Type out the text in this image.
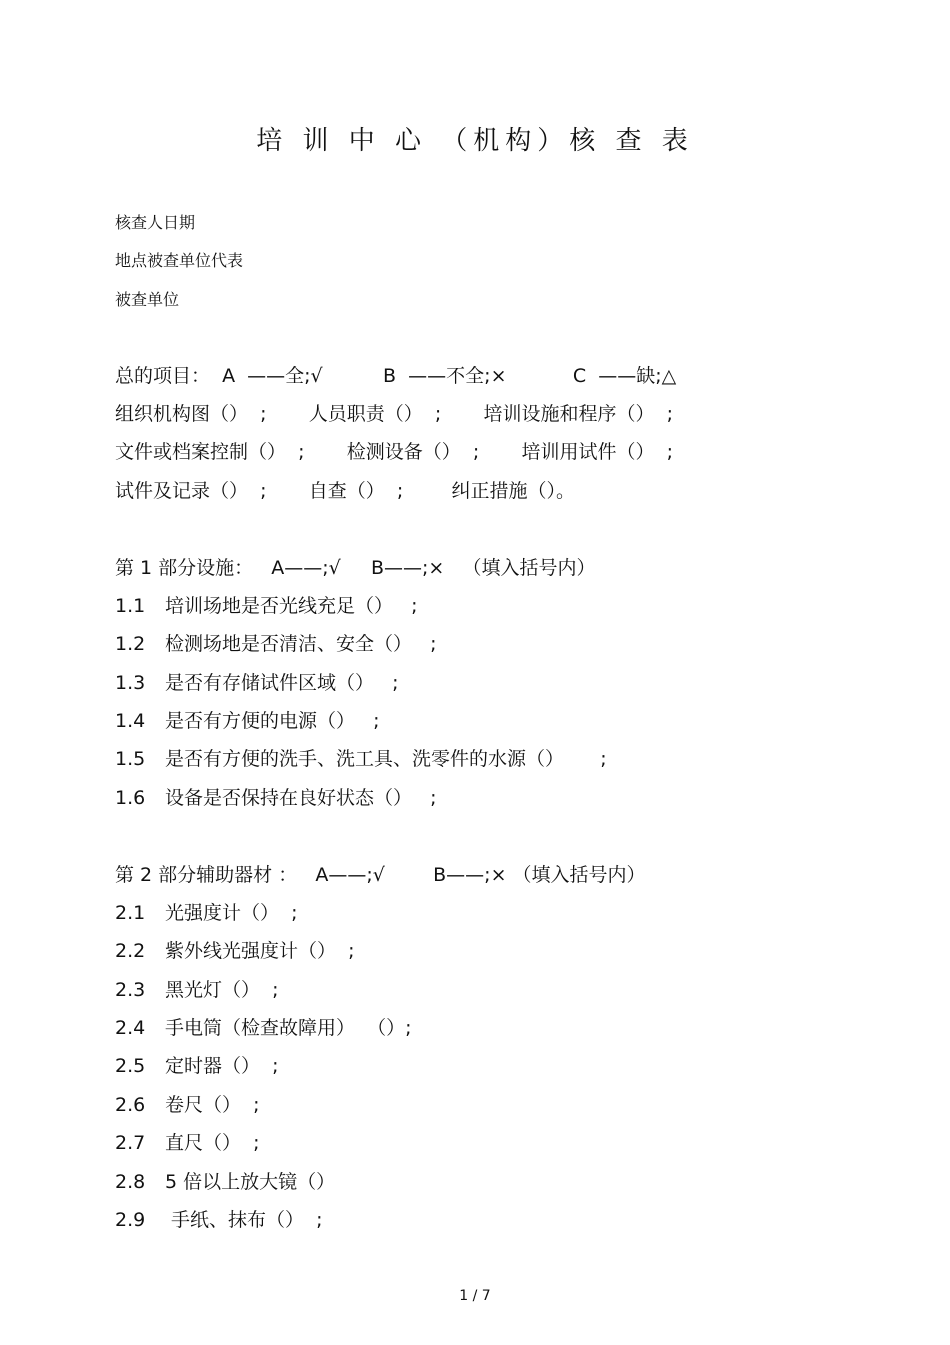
培 训 中 心 （机构）核 查 表
核查人日期
地点被查单位代表
被查单位
总的项目：  A  ——全;√          B  ——不全;×           C  ——缺;△
组织机构图（）  ;       人员职责（）  ;       培训设施和程序（）  ;
文件或档案控制（）  ;       检测设备（）  ;       培训用试件（）  ;
试件及记录（）  ;       自查（）  ;        纠正措施（）。
第 1 部分设施：   A——;√     B——;×   （填入括号内）
1.1 培训场地是否光线充足（）   ;
1.2 检测场地是否清洁、安全（）   ;
1.3 是否有存储试件区域（）   ;
1.4 是否有方便的电源（）   ;
1.5 是否有方便的洗手、洗工具、洗零件的水源（）      ;
1.6 设备是否保持在良好状态（）   ;
第 2 部分辅助器材 ：   A——;√        B——;× （填入括号内）
2.1 光强度计（）  ;
2.2 紫外线光强度计（）  ;
2.3 黑光灯（）  ;
2.4 手电筒（检查故障用）  （）;
2.5 定时器（）  ;
2.6 卷尺（）  ;
2.7 直尺（）  ;
2.8 5 倍以上放大镜（）
2.9 手纸、抹布（）  ;
1 / 7
